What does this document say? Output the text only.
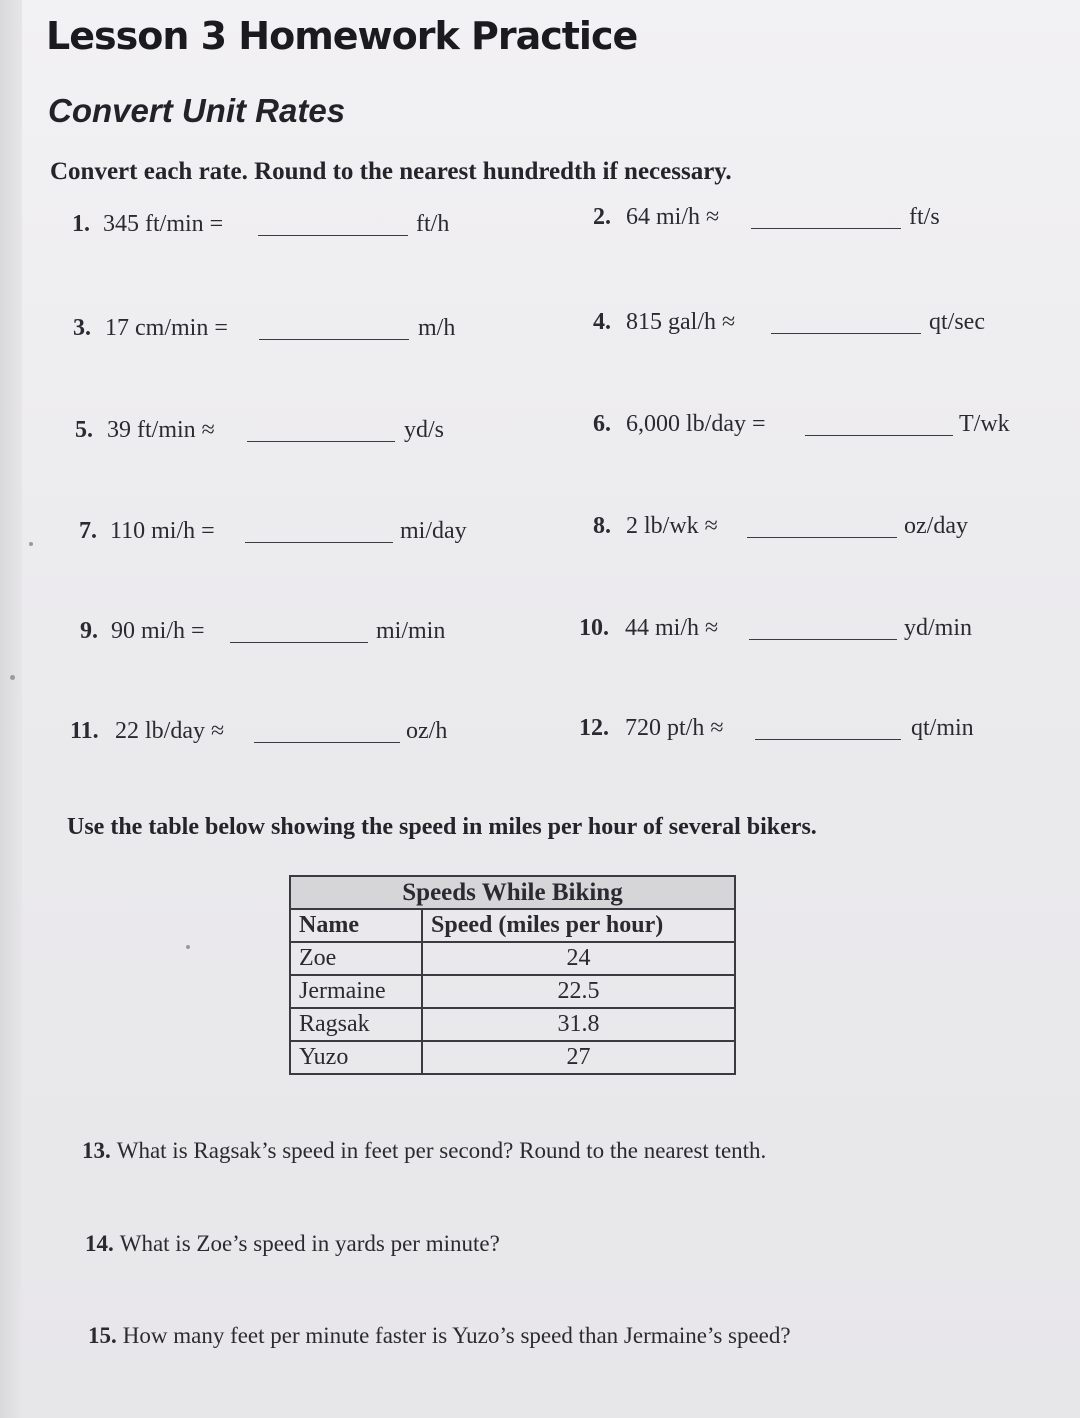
Lesson 3 Homework Practice
Convert Unit Rates
Convert each rate. Round to the nearest hundredth if necessary.
1. 345 ft/min =	ft/h	2. 64 mi/h ≈	ft/s
3. 17 cm/min =	m/h	4. 815 gal/h ≈	qt/sec
5. 39 ft/min ≈	yd/s	6. 6,000 lb/day =	T/wk
7. 110 mi/h =	mi/day	8. 2 lb/wk ≈	oz/day
9. 90 mi/h =	mi/min	10. 44 mi/h ≈	yd/min
11. 22 lb/day ≈	oz/h	12. 720 pt/h ≈	qt/min
Use the table below showing the speed in miles per hour of several bikers.
Speeds While Biking	
Name	Speed (miles per hour)
Zoe	24
Jermaine	22.5
Ragsak	31.8
Yuzo	27
13. What is Ragsak’s speed in feet per second? Round to the nearest tenth.
14. What is Zoe’s speed in yards per minute?
15. How many feet per minute faster is Yuzo’s speed than Jermaine’s speed?
